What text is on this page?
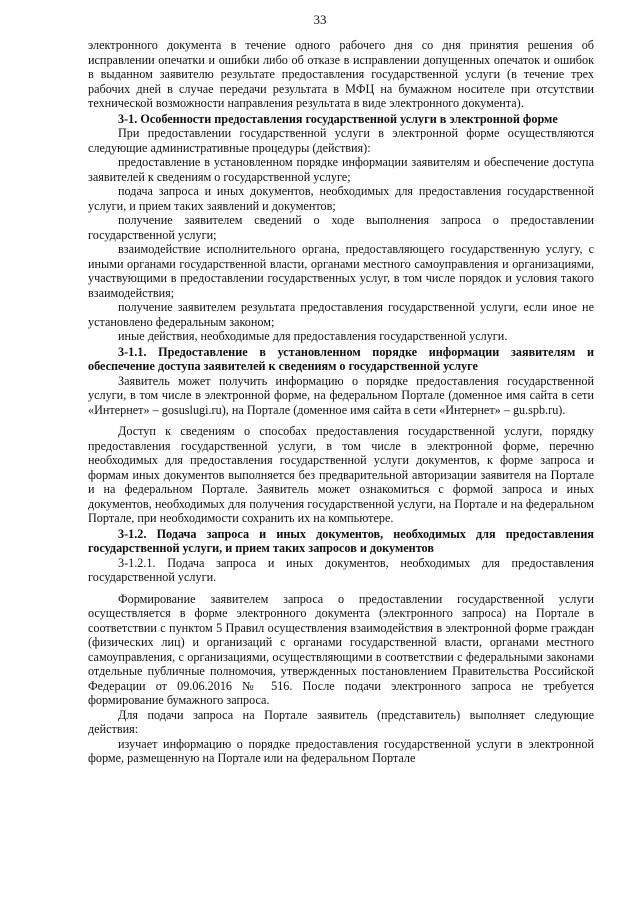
33

электронного документа в течение одного рабочего дня со дня принятия решения об исправлении опечатки и ошибки либо об отказе в исправлении допущенных опечаток и ошибок в выданном заявителю результате предоставления государственной услуги (в течение трех рабочих дней в случае передачи результата в МФЦ на бумажном носителе при отсутствии технической возможности направления результата в виде электронного документа).

3-1. Особенности предоставления государственной услуги в электронной форме

При предоставлении государственной услуги в электронной форме осуществляются следующие административные процедуры (действия):

предоставление в установленном порядке информации заявителям и обеспечение доступа заявителей к сведениям о государственной услуге;

подача запроса и иных документов, необходимых для предоставления государственной услуги, и прием таких заявлений и документов;

получение заявителем сведений о ходе выполнения запроса о предоставлении государственной услуги;

взаимодействие исполнительного органа, предоставляющего государственную услугу, с иными органами государственной власти, органами местного самоуправления и организациями, участвующими в предоставлении государственных услуг, в том числе порядок и условия такого взаимодействия;

получение заявителем результата предоставления государственной услуги, если иное не установлено федеральным законом;

иные действия, необходимые для предоставления государственной услуги.

3-1.1. Предоставление в установленном порядке информации заявителям и обеспечение доступа заявителей к сведениям о государственной услуге

Заявитель может получить информацию о порядке предоставления государственной услуги, в том числе в электронной форме, на федеральном Портале (доменное имя сайта в сети «Интернет» – gosuslugi.ru), на Портале (доменное имя сайта в сети «Интернет» – gu.spb.ru).

Доступ к сведениям о способах предоставления государственной услуги, порядку предоставления государственной услуги, в том числе в электронной форме, перечню необходимых для предоставления государственной услуги документов, к форме запроса и формам иных документов выполняется без предварительной авторизации заявителя на Портале и на федеральном Портале. Заявитель может ознакомиться с формой запроса и иных документов, необходимых для получения государственной услуги, на Портале и на федеральном Портале, при необходимости сохранить их на компьютере.

3-1.2. Подача запроса и иных документов, необходимых для предоставления государственной услуги, и прием таких запросов и документов

3-1.2.1. Подача запроса и иных документов, необходимых для предоставления государственной услуги.

Формирование заявителем запроса о предоставлении государственной услуги осуществляется в форме электронного документа (электронного запроса) на Портале в соответствии с пунктом 5 Правил осуществления взаимодействия в электронной форме граждан (физических лиц) и организаций с органами государственной власти, органами местного самоуправления, с организациями, осуществляющими в соответствии с федеральными законами отдельные публичные полномочия, утвержденных постановлением Правительства Российской Федерации от 09.06.2016 № 516. После подачи электронного запроса не требуется формирование бумажного запроса.

Для подачи запроса на Портале заявитель (представитель) выполняет следующие действия:

изучает информацию о порядке предоставления государственной услуги в электронной форме, размещенную на Портале или на федеральном Портале
